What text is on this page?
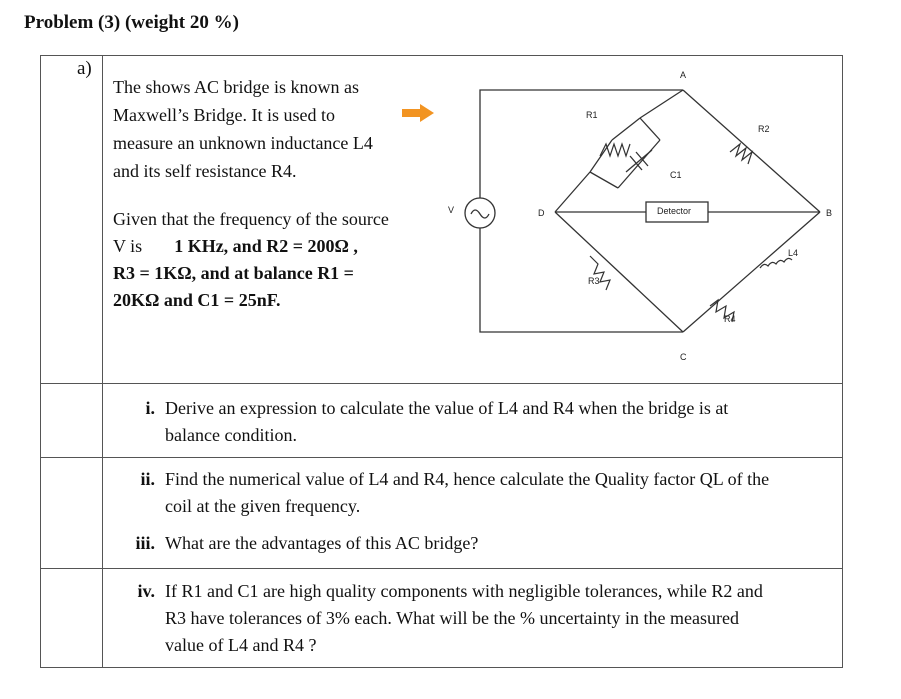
Problem (3) (weight 20 %)
a)
The shows AC bridge is known as
Maxwell’s Bridge. It is used to
measure an unknown inductance L4
and its self resistance R4.
Given that the frequency of the source
V is 1 KHz, and R2 = 200Ω ,
R3 = 1KΩ, and at balance R1 =
20KΩ and C1 = 25nF.
Detector
A
B
C
D
V
R1
R2
R3
R4
C1
L4
i. Derive an expression to calculate the value of L4 and R4 when the bridge is at
balance condition.
ii. Find the numerical value of L4 and R4, hence calculate the Quality factor QL of the
coil at the given frequency.
iii. What are the advantages of this AC bridge?
iv. If R1 and C1 are high quality components with negligible tolerances, while R2 and
R3 have tolerances of 3% each. What will be the % uncertainty in the measured
value of L4 and R4 ?
